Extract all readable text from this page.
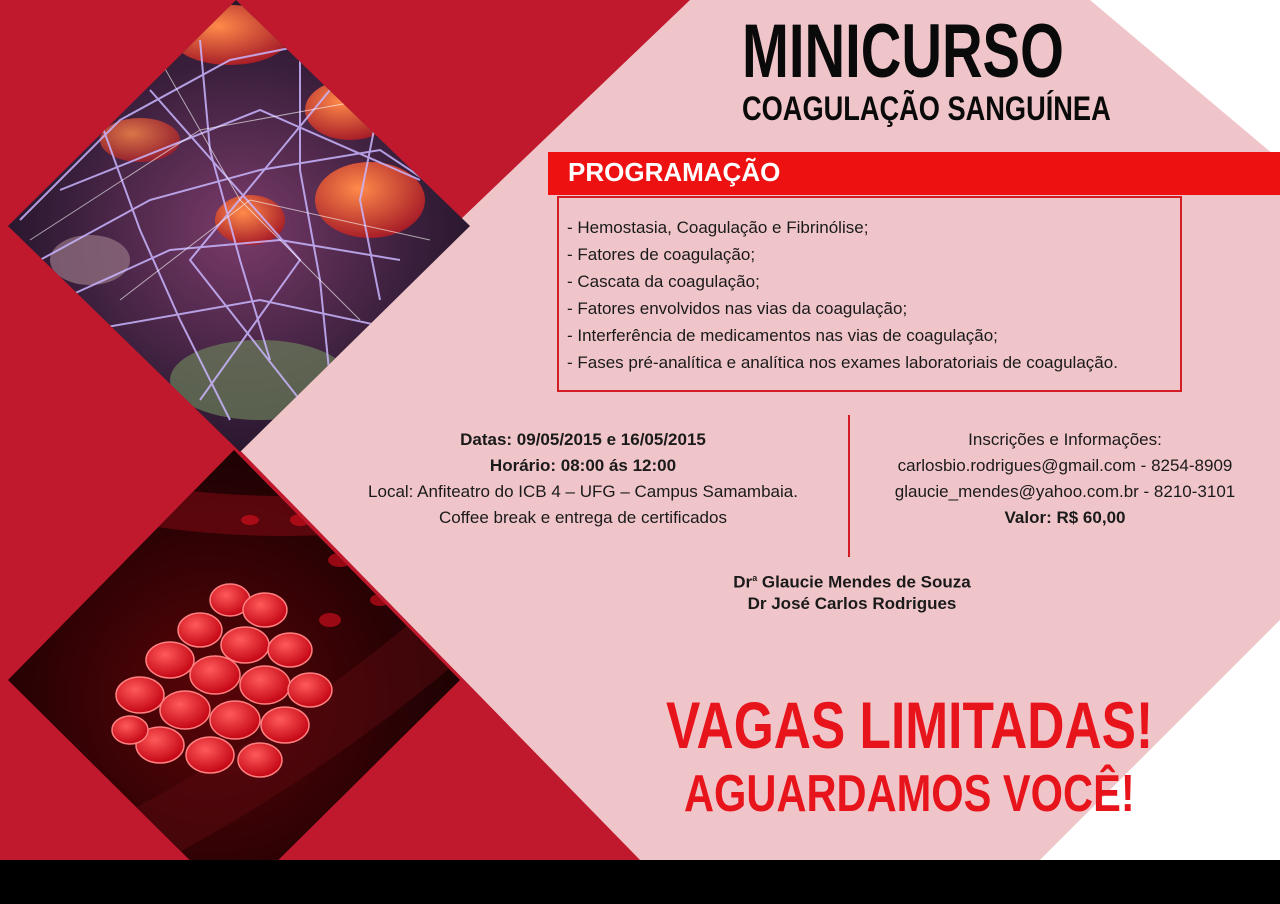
MINICURSO
COAGULAÇÃO SANGUÍNEA
PROGRAMAÇÃO
- Hemostasia, Coagulação e Fibrinólise;
- Fatores de coagulação;
- Cascata da coagulação;
- Fatores envolvidos nas vias da coagulação;
- Interferência de medicamentos nas vias de coagulação;
- Fases pré-analítica e analítica nos exames laboratoriais de coagulação.
Datas: 09/05/2015 e 16/05/2015
Horário: 08:00 ás 12:00
Local: Anfiteatro do ICB 4 – UFG – Campus Samambaia.
Coffee break e entrega de certificados
Inscrições e Informações:
carlosbio.rodrigues@gmail.com - 8254-8909
glaucie_mendes@yahoo.com.br - 8210-3101
Valor: R$ 60,00
Dr$^a$ Glaucie Mendes de Souza
Dr José Carlos Rodrigues
VAGAS LIMITADAS!
AGUARDAMOS VOCÊ!
